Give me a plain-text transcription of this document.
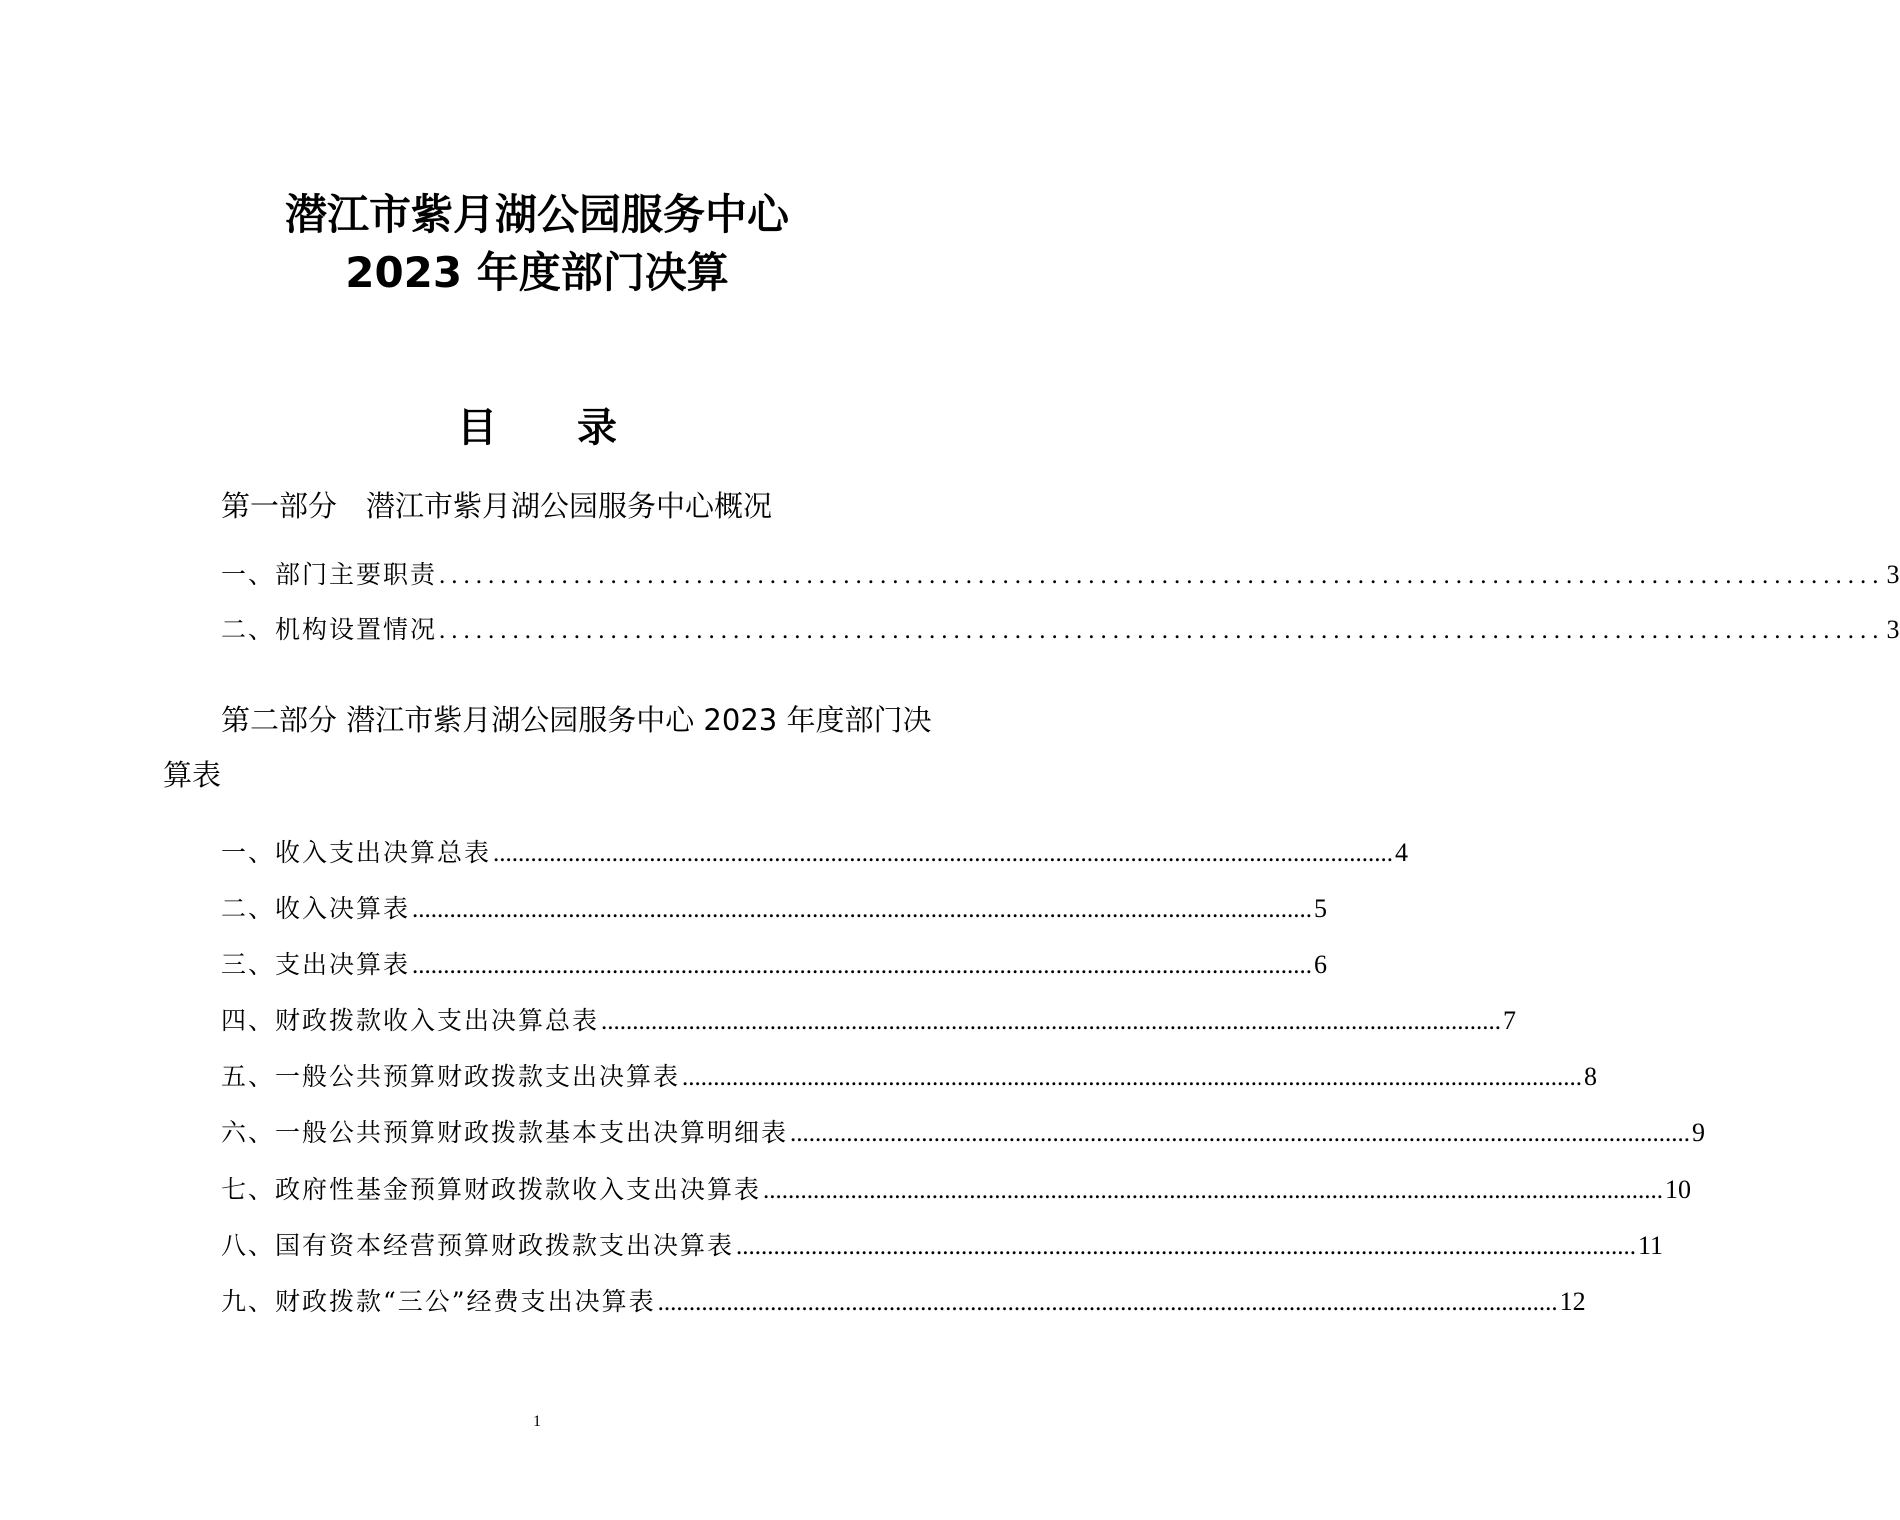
潜江市紫月湖公园服务中心
2023 年度部门决算
目　　录
第一部分　潜江市紫月湖公园服务中心概况
一、部门主要职责 ...................................................................................................................... 3
二、机构设置情况 ...................................................................................................................... 3
第二部分 潜江市紫月湖公园服务中心 2023 年度部门决
算表
一、收入支出决算总表 ................................................................................................................................................ 4
二、收入决算表 ................................................................................................................................................ 5
三、支出决算表 ................................................................................................................................................ 6
四、财政拨款收入支出决算总表 ................................................................................................................................................ 7
五、一般公共预算财政拨款支出决算表 ................................................................................................................................................ 8
六、一般公共预算财政拨款基本支出决算明细表 ................................................................................................................................................ 9
七、政府性基金预算财政拨款收入支出决算表 ................................................................................................................................................ 10
八、国有资本经营预算财政拨款支出决算表 ................................................................................................................................................ 11
九、财政拨款“三公”经费支出决算表 ................................................................................................................................................ 12
1
